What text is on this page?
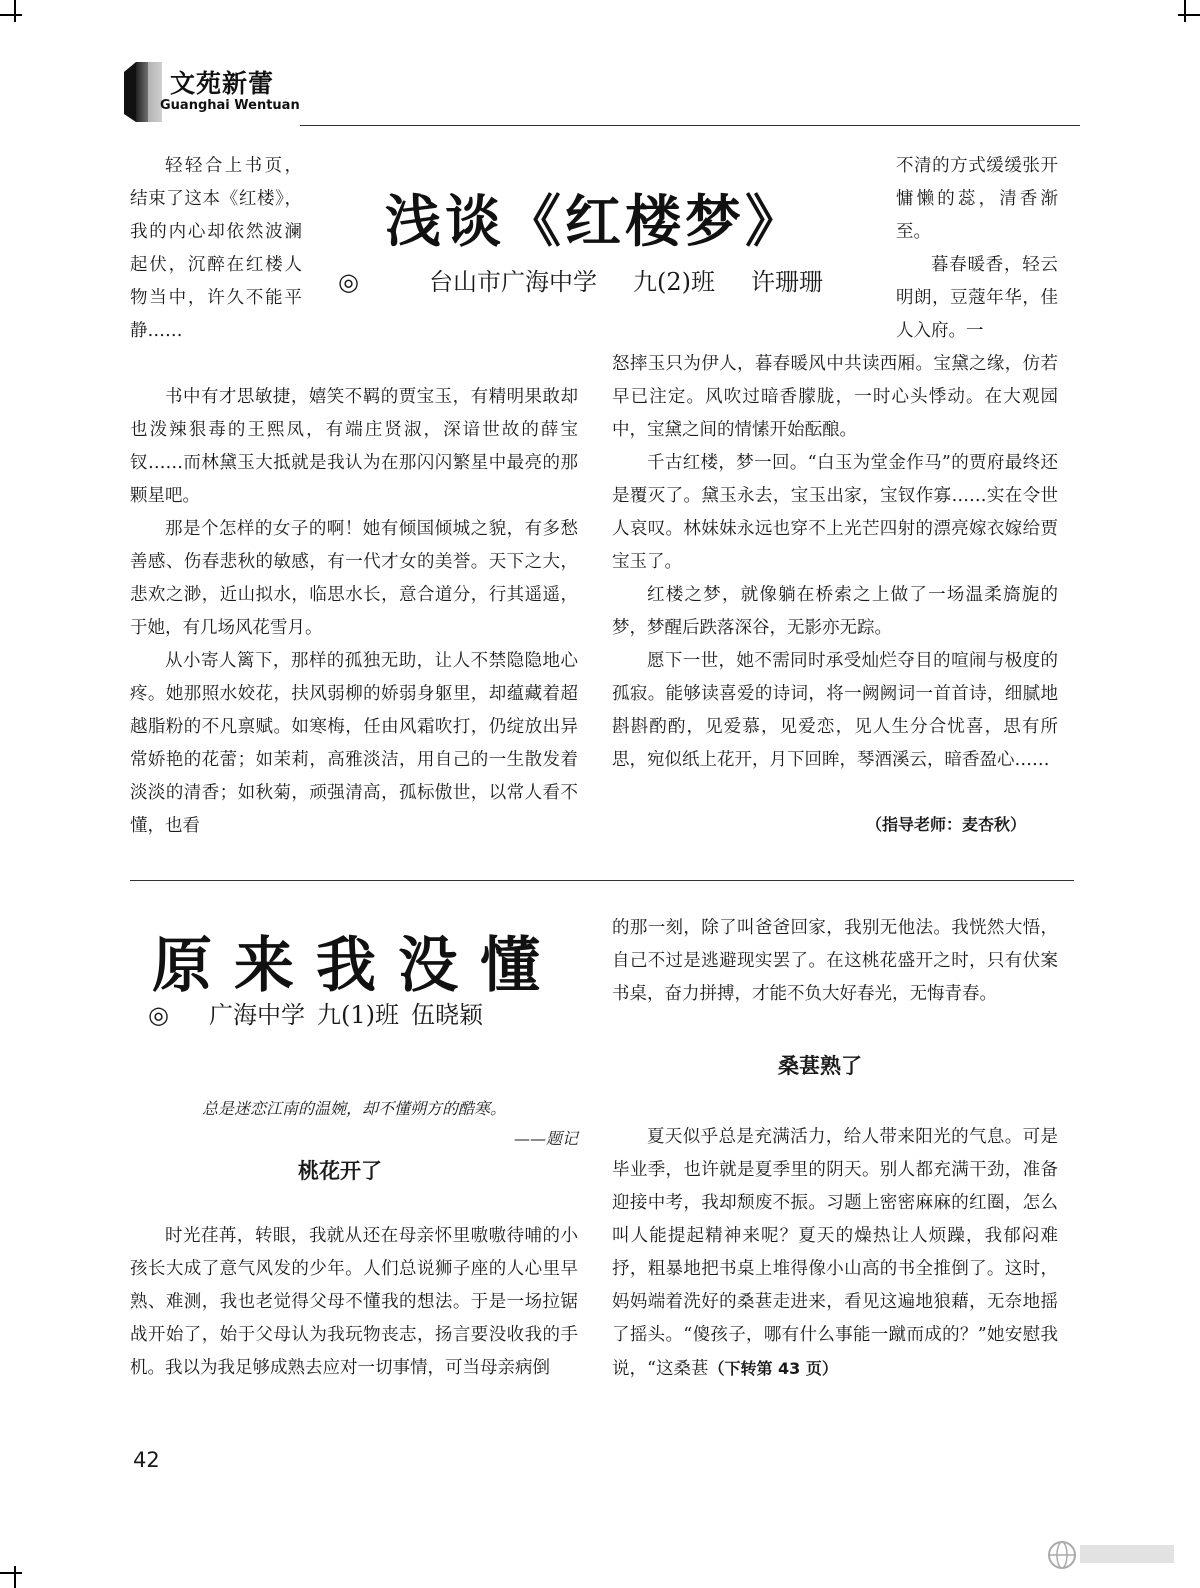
文苑新蕾
Guanghai Wentuan

轻轻合上书页，结束了这本《红楼》，我的内心却依然波澜起伏，沉醉在红楼人物当中，许久不能平静……

浅谈《红楼梦》
◎	台山市广海中学 九(2)班 许珊珊

不清的方式缓缓张开慵懒的蕊，清香渐至。

暮春暖香，轻云明朗，豆蔻年华，佳人入府。一

书中有才思敏捷，嬉笑不羁的贾宝玉，有精明果敢却也泼辣狠毒的王熙凤，有端庄贤淑，深谙世故的薛宝钗……而林黛玉大抵就是我认为在那闪闪繁星中最亮的那颗星吧。

那是个怎样的女子的啊！她有倾国倾城之貌，有多愁善感、伤春悲秋的敏感，有一代才女的美誉。天下之大，悲欢之渺，近山拟水，临思水长，意合道分，行其遥遥，于她，有几场风花雪月。

从小寄人篱下，那样的孤独无助，让人不禁隐隐地心疼。她那照水姣花，扶风弱柳的娇弱身躯里，却蕴藏着超越脂粉的不凡禀赋。如寒梅，任由风霜吹打，仍绽放出异常娇艳的花蕾；如茉莉，高雅淡洁，用自己的一生散发着淡淡的清香；如秋菊，顽强清高，孤标傲世，以常人看不懂，也看

怒摔玉只为伊人，暮春暖风中共读西厢。宝黛之缘，仿若早已注定。风吹过暗香朦胧，一时心头悸动。在大观园中，宝黛之间的情愫开始酝酿。

千古红楼，梦一回。“白玉为堂金作马”的贾府最终还是覆灭了。黛玉永去，宝玉出家，宝钗作寡……实在令世人哀叹。林妹妹永远也穿不上光芒四射的漂亮嫁衣嫁给贾宝玉了。

红楼之梦，就像躺在桥索之上做了一场温柔旖旎的梦，梦醒后跌落深谷，无影亦无踪。

愿下一世，她不需同时承受灿烂夺目的喧闹与极度的孤寂。能够读喜爱的诗词，将一阙阙词一首首诗，细腻地斟斟酌酌，见爱慕，见爱恋，见人生分合忧喜，思有所思，宛似纸上花开，月下回眸，琴酒溪云，暗香盈心……

（指导老师：麦杏秋）
原来我没懂
◎ 广海中学 九(1)班 伍晓颖
总是迷恋江南的温婉，却不懂朔方的酷寒。
——题记
桃花开了

时光荏苒，转眼，我就从还在母亲怀里嗷嗷待哺的小孩长大成了意气风发的少年。人们总说狮子座的人心里早熟、难测，我也老觉得父母不懂我的想法。于是一场拉锯战开始了，始于父母认为我玩物丧志，扬言要没收我的手机。我以为我足够成熟去应对一切事情，可当母亲病倒

的那一刻，除了叫爸爸回家，我别无他法。我恍然大悟，自己不过是逃避现实罢了。在这桃花盛开之时，只有伏案书桌，奋力拼搏，才能不负大好春光，无悔青春。

桑葚熟了

夏天似乎总是充满活力，给人带来阳光的气息。可是毕业季，也许就是夏季里的阴天。别人都充满干劲，准备迎接中考，我却颓废不振。习题上密密麻麻的红圈，怎么叫人能提起精神来呢？夏天的燥热让人烦躁，我郁闷难抒，粗暴地把书桌上堆得像小山高的书全推倒了。这时，妈妈端着洗好的桑葚走进来，看见这遍地狼藉，无奈地摇了摇头。“傻孩子，哪有什么事能一蹴而成的？”她安慰我说，“这桑葚（下转第 43 页）

42
